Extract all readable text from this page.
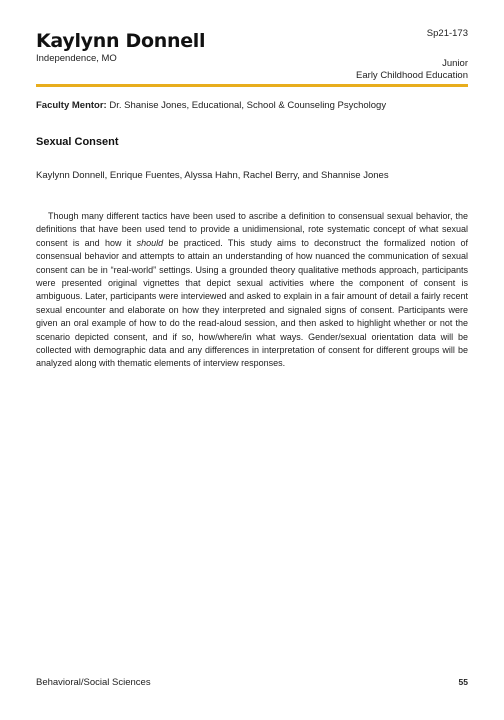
Kaylynn Donnell
Independence, MO
Sp21-173
Junior
Early Childhood Education
Faculty Mentor: Dr. Shanise Jones, Educational, School & Counseling Psychology
Sexual Consent
Kaylynn Donnell, Enrique Fuentes, Alyssa Hahn, Rachel Berry, and Shannise Jones

Though many different tactics have been used to ascribe a definition to consensual sexual behavior, the definitions that have been used tend to provide a unidimensional, rote systematic concept of what sexual consent is and how it should be practiced. This study aims to deconstruct the formalized notion of consensual behavior and attempts to attain an understanding of how nuanced the communication of sexual consent can be in “real-world” settings. Using a grounded theory qualitative methods approach, participants were presented original vignettes that depict sexual activities where the component of consent is ambiguous. Later, participants were interviewed and asked to explain in a fair amount of detail a fairly recent sexual encounter and elaborate on how they interpreted and signaled signs of consent. Participants were given an oral example of how to do the read-aloud session, and then asked to highlight whether or not the scenario depicted consent, and if so, how/where/in what ways. Gender/sexual orientation data will be collected with demographic data and any differences in interpretation of consent for different groups will be analyzed along with thematic elements of interview responses.

Behavioral/Social Sciences	55
